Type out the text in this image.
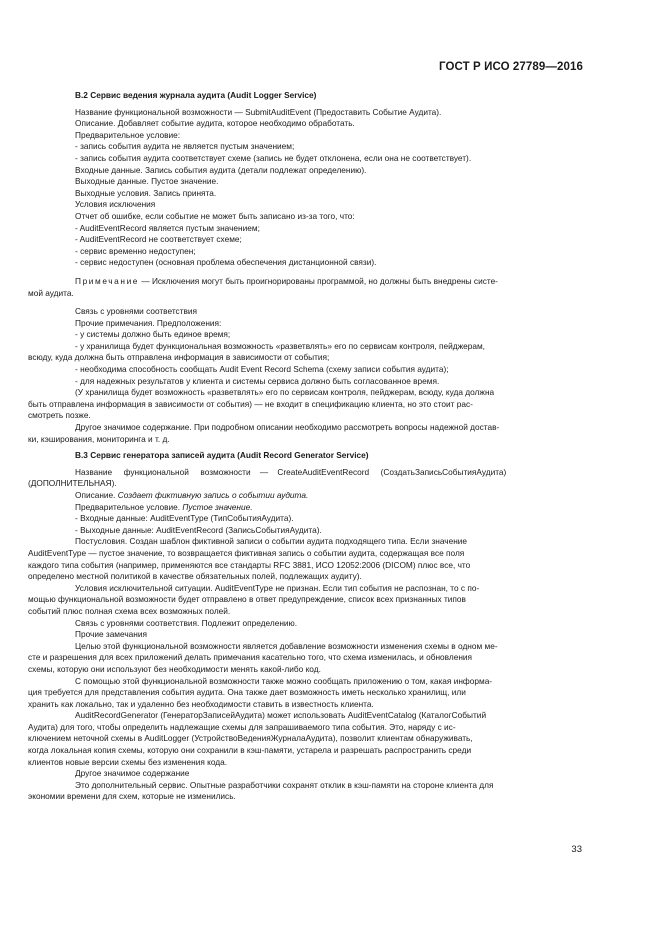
ГОСТ Р ИСО 27789—2016

В.2 Сервис ведения журнала аудита (Audit Logger Service)

Название функциональной возможности — SubmitAuditEvent (Предоставить Событие Аудита).

Описание. Добавляет событие аудита, которое необходимо обработать.

Предварительное условие:

- запись события аудита не является пустым значением;

- запись события аудита соответствует схеме (запись не будет отклонена, если она не соответствует).

Входные данные. Запись события аудита (детали подлежат определению).

Выходные данные. Пустое значение.

Выходные условия. Запись принята.

Условия исключения

Отчет об ошибке, если событие не может быть записано из-за того, что:

- AuditEventRecord является пустым значением;

- AuditEventRecord не соответствует схеме;

- сервис временно недоступен;

- сервис недоступен (основная проблема обеспечения дистанционной связи).

Примечание — Исключения могут быть проигнорированы программой, но должны быть внедрены систе-

мой аудита.

Связь с уровнями соответствия

Прочие примечания. Предположения:

- у системы должно быть единое время;

- у хранилища будет функциональная возможность «разветвлять» его по сервисам контроля, пейджерам,

всюду, куда должна быть отправлена информация в зависимости от события;

- необходима способность сообщать Audit Event Record Schema (схему записи события аудита);

- для надежных результатов у клиента и системы сервиса должно быть согласованное время.

(У хранилища будет возможность «разветвлять» его по сервисам контроля, пейджерам, всюду, куда должна

быть отправлена информация в зависимости от события) — не входит в спецификацию клиента, но это стоит рас-

смотреть позже.

Другое значимое содержание. При подробном описании необходимо рассмотреть вопросы надежной достав-

ки, кэширования, мониторинга и т. д.

В.3 Сервис генератора записей аудита (Audit Record Generator Service)

Название     функциональной     возможности    —    CreateAuditEventRecord     (СоздатьЗаписьСобытияАудита)

(ДОПОЛНИТЕЛЬНАЯ).

Описание. Создает фиктивную запись о событии аудита.

Предварительное условие. Пустое значение.

- Входные данные: AuditEventType (ТипСобытияАудита).

- Выходные данные: AuditEventRecord (ЗаписьСобытияАудита).

Постусловия. Создан шаблон фиктивной записи о событии аудита подходящего типа. Если значение

AuditEventType — пустое значение, то возвращается фиктивная запись о событии аудита, содержащая все поля

каждого типа события (например, применяются все стандарты RFC 3881, ИСО 12052:2006 (DICOM) плюс все, что

определено местной политикой в качестве обязательных полей, подлежащих аудиту).

Условия исключительной ситуации. AuditEventType не признан. Если тип события не распознан, то с по-

мощью функциональной возможности будет отправлено в ответ предупреждение, список всех признанных типов

событий плюс полная схема всех возможных полей.

Связь с уровнями соответствия. Подлежит определению.

Прочие замечания

Целью этой функциональной возможности является добавление возможности изменения схемы в одном ме-

сте и разрешения для всех приложений делать примечания касательно того, что схема изменилась, и обновления

схемы, которую они используют без необходимости менять какой-либо код.

С помощью этой функциональной возможности также можно сообщать приложению о том, какая информа-

ция требуется для представления события аудита. Она также дает возможность иметь несколько хранилищ, или

хранить как локально, так и удаленно без необходимости ставить в известность клиента.

AuditRecordGenerator (ГенераторЗаписейАудита) может использовать AuditEventCatalog (КаталогСобытий

Аудита) для того, чтобы определить надлежащие схемы для запрашиваемого типа события. Это, наряду с ис-

ключением неточной схемы в AuditLogger (УстройствоВеденияЖурналаАудита), позволит клиентам обнаруживать,

когда локальная копия схемы, которую они сохранили в кэш-памяти, устарела и разрешать распространить среди

клиентов новые версии схемы без изменения кода.

Другое значимое содержание

Это дополнительный сервис. Опытные разработчики сохранят отклик в кэш-памяти на стороне клиента для

экономии времени для схем, которые не изменились.

33
